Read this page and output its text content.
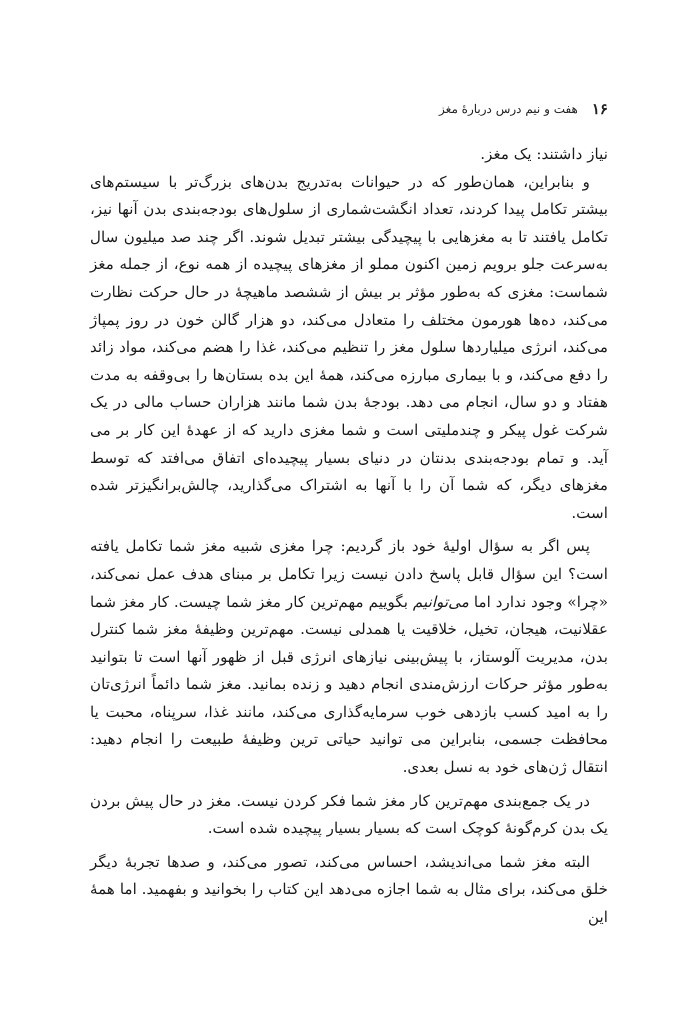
۱۶
هفت و نیم درس دربارهٔ مغز

نیاز داشتند: یک مغز.

و بنابراین، همان‌طور که در حیوانات به‌تدریج بدن‌های بزرگ‌تر با سیستم‌های بیشتر تکامل پیدا کردند، تعداد انگشت‌شماری از سلول‌های بودجه‌بندی بدن آنها نیز، تکامل یافتند تا به مغزهایی با پیچیدگی بیشتر تبدیل شوند. اگر چند صد میلیون سال به‌سرعت جلو برویم زمین اکنون مملو از مغزهای پیچیده از همه نوع، از جمله مغز شماست: مغزی که به‌طور مؤثر بر بیش از ششصد ماهیچهٔ در حال حرکت نظارت می‌کند، ده‌ها هورمون مختلف را متعادل می‌کند، دو هزار گالن خون در روز پمپاژ می‌کند، انرژی میلیاردها سلول مغز را تنظیم می‌کند، غذا را هضم می‌کند، مواد زائد را دفع می‌کند، و با بیماری مبارزه می‌کند، همهٔ این بده بستان‌ها را بی‌وقفه به مدت هفتاد و دو سال، انجام می دهد. بودجهٔ بدن شما مانند هزاران حساب مالی در یک شرکت غول پیکر و چندملیتی است و شما مغزی دارید که از عهدهٔ این کار بر می آید. و تمام بودجه‌بندی بدنتان در دنیای بسیار پیچیده‌ای اتفاق می‌افتد که توسط مغزهای دیگر، که شما آن را با آنها به اشتراک می‌گذارید، چالش‌برانگیزتر شده است.

پس اگر به سؤال اولیهٔ خود باز گردیم: چرا مغزی شبیه مغز شما تکامل یافته است؟ این سؤال قابل پاسخ دادن نیست زیرا تکامل بر مبنای هدف عمل نمی‌کند، «چرا» وجود ندارد اما می‌توانیم بگوییم مهم‌ترین کار مغز شما چیست. کار مغز شما عقلانیت، هیجان، تخیل، خلاقیت یا همدلی نیست. مهم‌ترین وظیفهٔ مغز شما کنترل بدن، مدیریت آلوستاز، با پیش‌بینی نیازهای انرژی قبل از ظهور آنها است تا بتوانید به‌طور مؤثر حرکات ارزش‌مندی انجام دهید و زنده بمانید. مغز شما دائماً انرژی‌تان را به امید کسب بازدهی خوب سرمایه‌گذاری می‌کند، مانند غذا، سرپناه، محبت یا محافظت جسمی، بنابراین می توانید حیاتی ترین وظیفهٔ طبیعت را انجام دهید: انتقال ژن‌های خود به نسل بعدی.

در یک جمع‌بندی مهم‌ترین کار مغز شما فکر کردن نیست. مغز در حال پیش بردن یک بدن کرم‌گونهٔ کوچک است که بسیار بسیار پیچیده شده است.

البته مغز شما می‌اندیشد، احساس می‌کند، تصور می‌کند، و صدها تجربهٔ دیگر خلق می‌کند، برای مثال به شما اجازه می‌دهد این کتاب را بخوانید و بفهمید. اما همهٔ این
